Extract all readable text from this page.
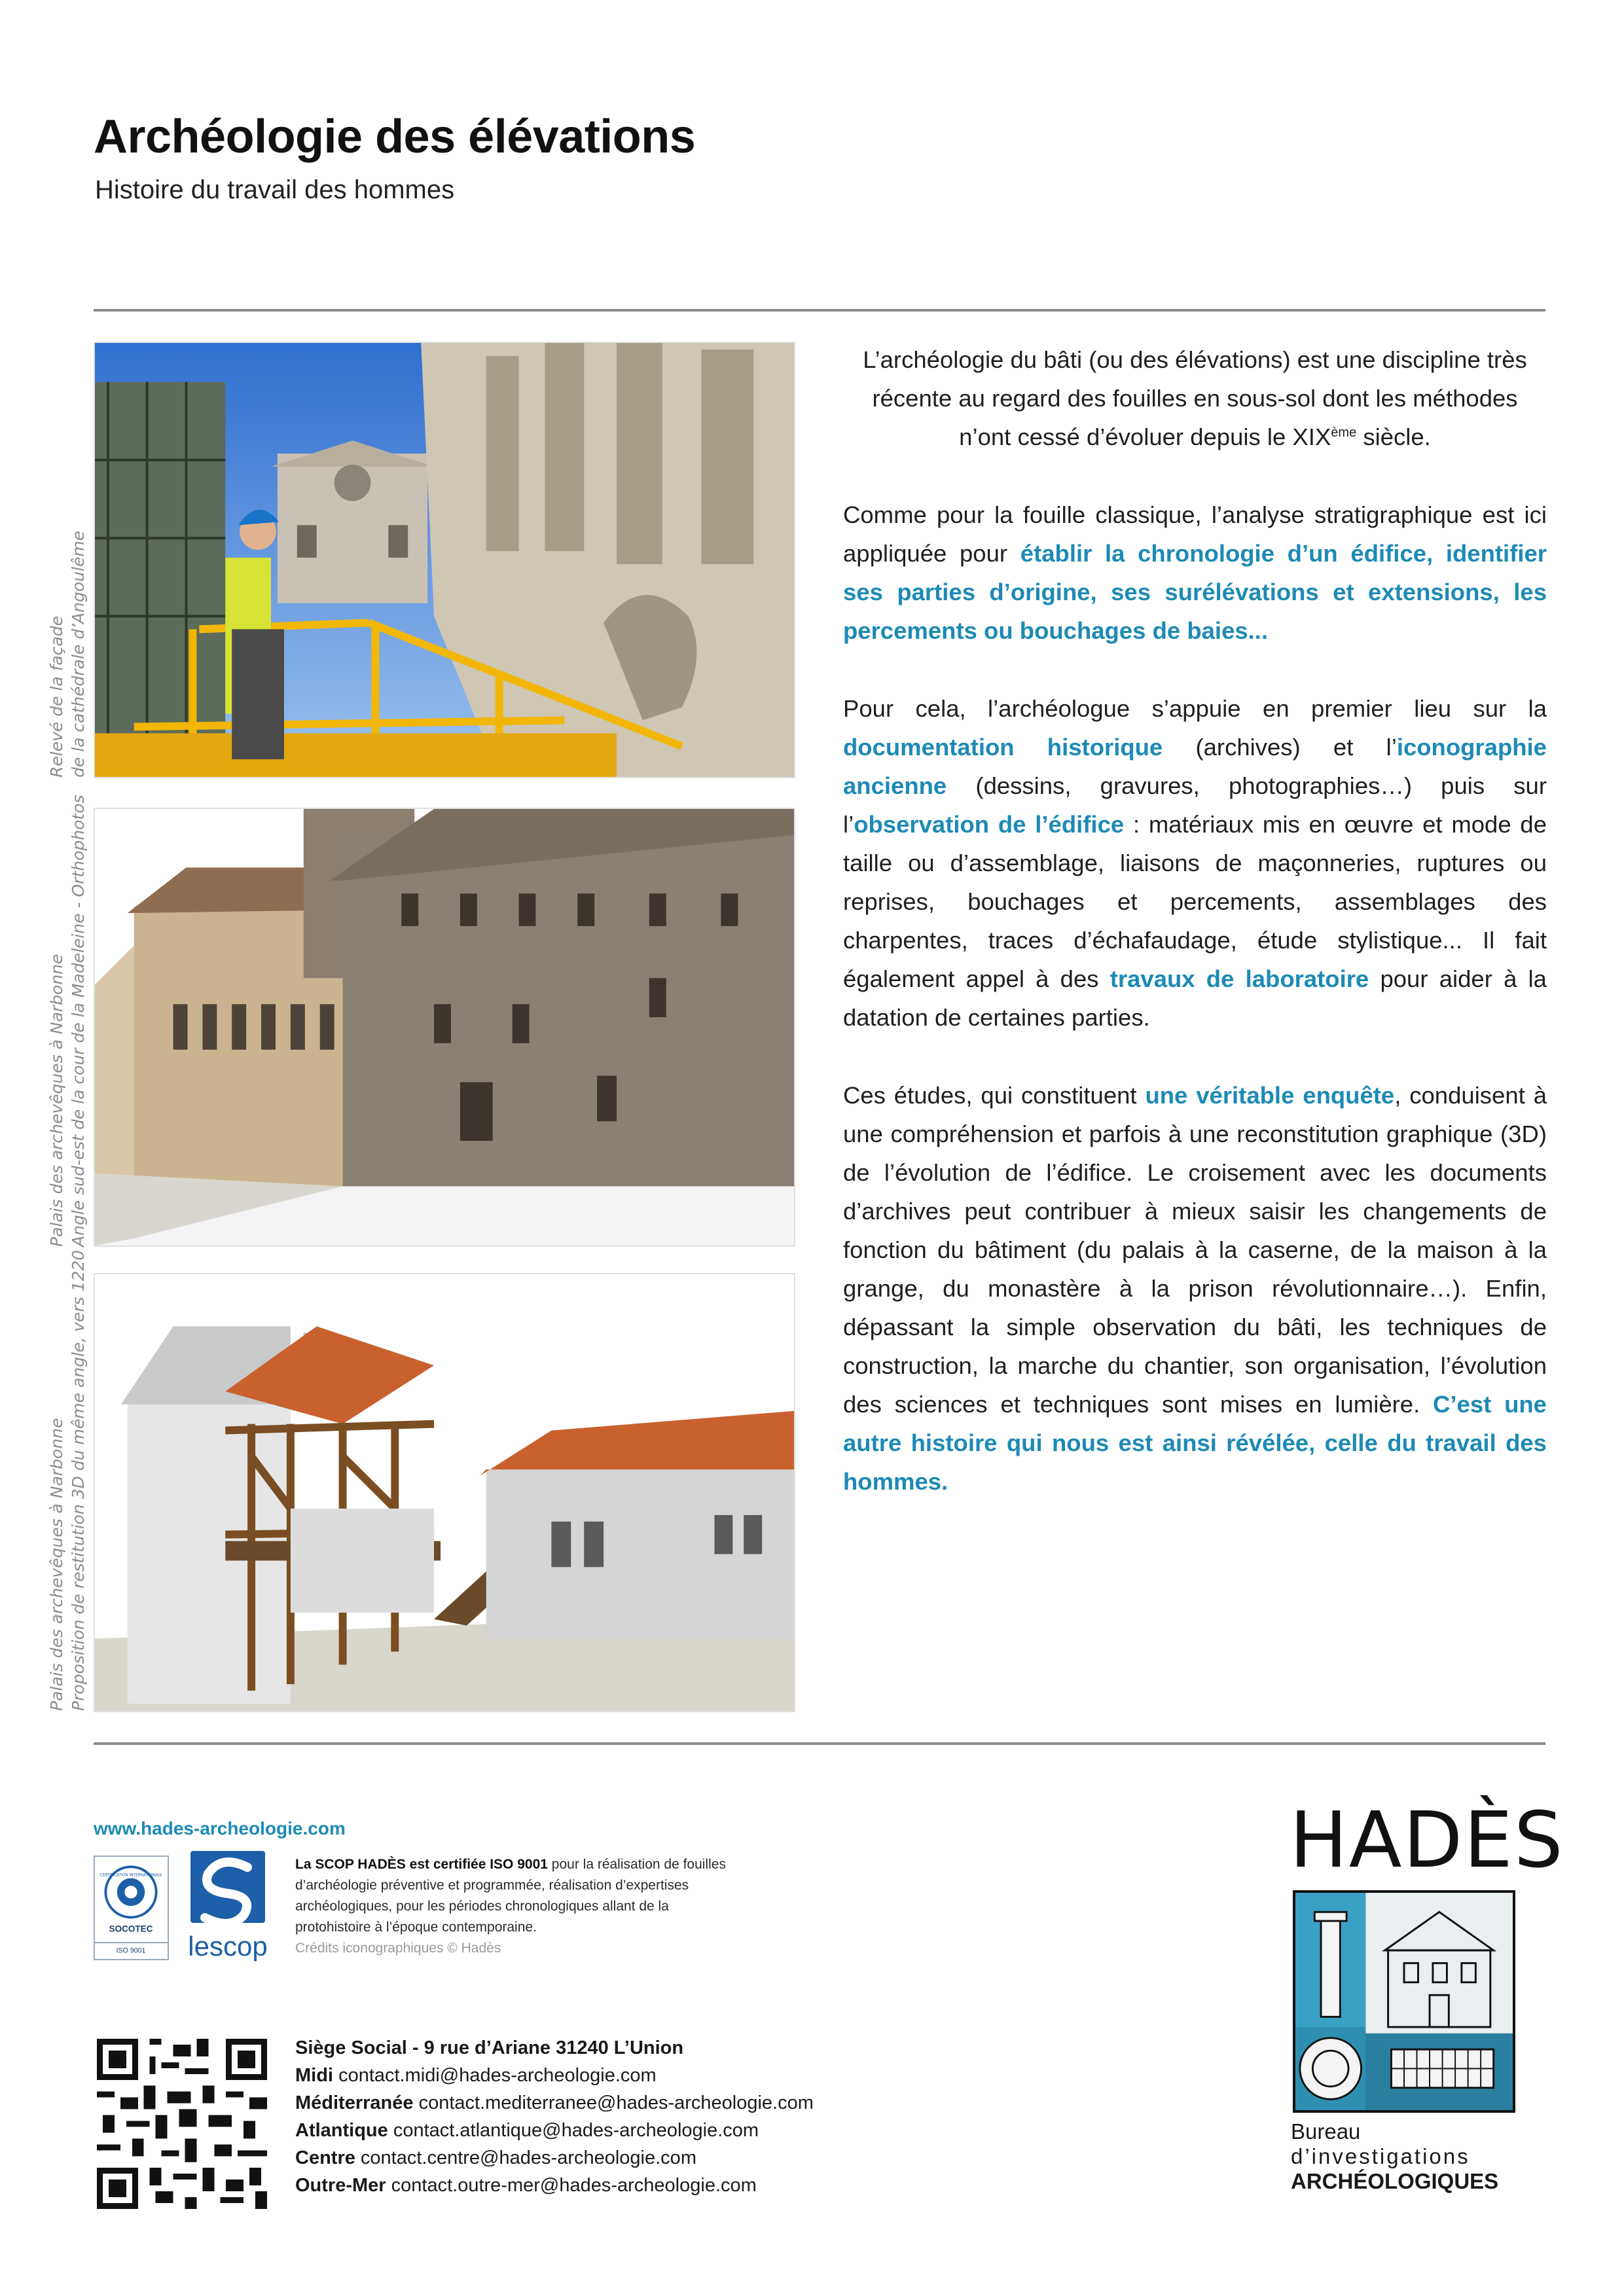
Archéologie des élévations
Histoire du travail des hommes
Relevé de la façade de la cathédrale d’Angoulême
Palais des archevêques à Narbonne Angle sud-est de la cour de la Madeleine - Orthophotos
Palais des archevêques à Narbonne Proposition de restitution 3D du même angle, vers 1220

L’archéologie du bâti (ou des élévations) est une discipline très récente au regard des fouilles en sous-sol dont les méthodes n’ont cessé d’évoluer depuis le XIXème siècle.

Comme pour la fouille classique, l’analyse stratigraphique est ici appliquée pour établir la chronologie d’un édifice, identifier ses parties d’origine, ses surélévations et extensions, les percements ou bouchages de baies...

Pour cela, l’archéologue s’appuie en premier lieu sur la documentation historique (archives) et l’iconographie ancienne (dessins, gravures, photographies…) puis sur l’observation de l’édifice : matériaux mis en œuvre et mode de taille ou d’assemblage, liaisons de maçonneries, ruptures ou reprises, bouchages et percements, assemblages des charpentes, traces d’échafaudage, étude stylistique... Il fait également appel à des travaux de laboratoire pour aider à la datation de certaines parties.

Ces études, qui constituent une véritable enquête, conduisent à une compréhension et parfois à une reconstitution graphique (3D) de l’évolution de l’édifice. Le croisement avec les documents d’archives peut contribuer à mieux saisir les changements de fonction du bâtiment (du palais à la caserne, de la maison à la grange, du monastère à la prison révolutionnaire…). Enfin, dépassant la simple observation du bâti, les techniques de construction, la marche du chantier, son organisation, l’évolution des sciences et techniques sont mises en lumière. C’est une autre histoire qui nous est ainsi révélée, celle du travail des hommes.

www.hades-archeologie.com
CERTIFICATION INTERNATIONALE
SOCOTEC
ISO 9001 lescop
La SCOP HADÈS est certifiée ISO 9001 pour la réalisation de fouilles d’archéologie préventive et programmée, réalisation d’expertises archéologiques, pour les périodes chronologiques allant de la protohistoire à l’époque contemporaine.
Crédits iconographiques © Hadès
Siège Social - 9 rue d’Ariane 31240 L’Union
Midi contact.midi@hades-archeologie.com
Méditerranée contact.mediterranee@hades-archeologie.com
Atlantique contact.atlantique@hades-archeologie.com
Centre contact.centre@hades-archeologie.com
Outre-Mer contact.outre-mer@hades-archeologie.com
HADÈS
Bureau
d’investigations
ARCHÉOLOGIQUES
